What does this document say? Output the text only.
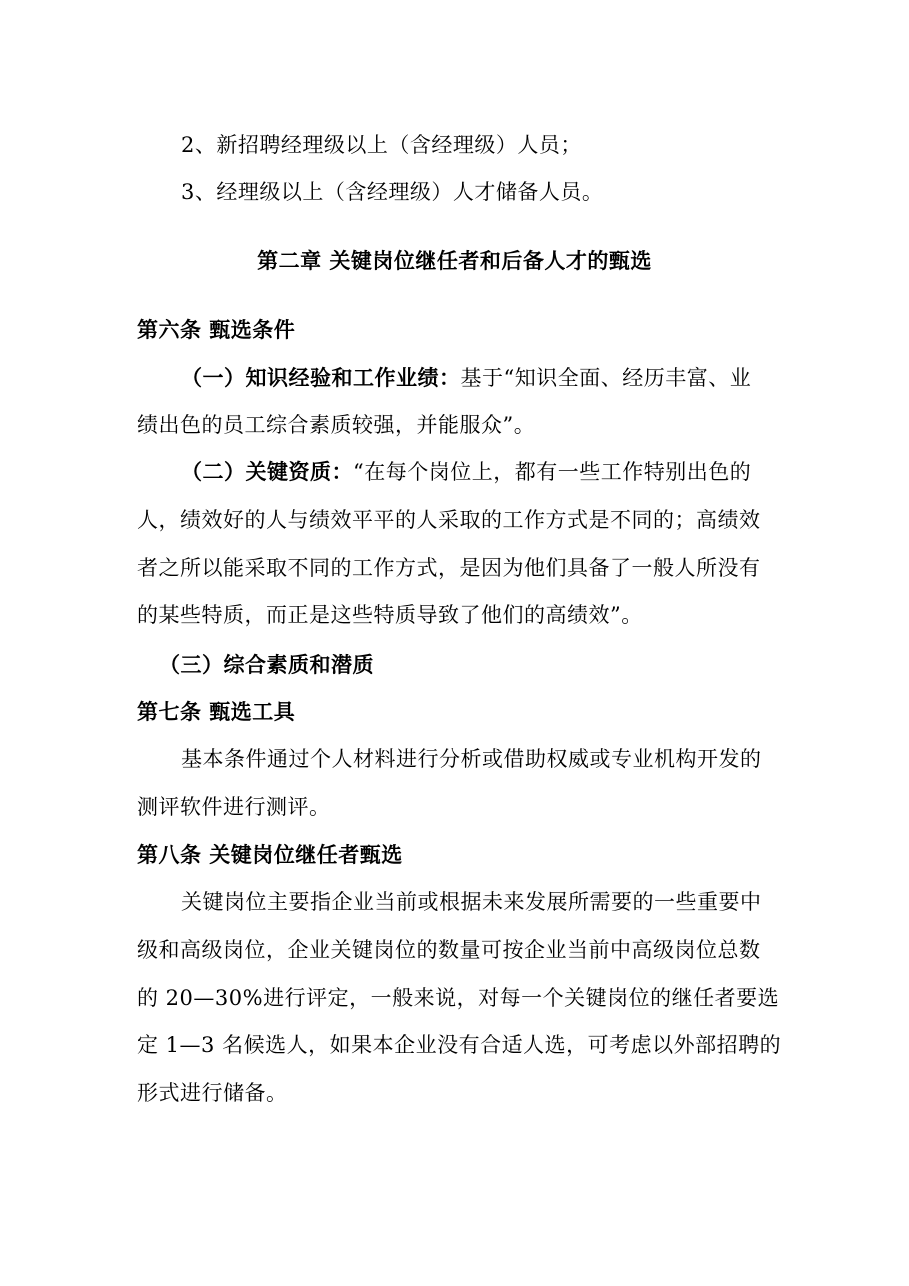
2、新招聘经理级以上（含经理级）人员；

3、经理级以上（含经理级）人才储备人员。

第二章 关键岗位继任者和后备人才的甄选

第六条 甄选条件

（一）知识经验和工作业绩：基于“知识全面、经历丰富、业

绩出色的员工综合素质较强，并能服众”。

（二）关键资质：“在每个岗位上，都有一些工作特别出色的

人，绩效好的人与绩效平平的人采取的工作方式是不同的；高绩效

者之所以能采取不同的工作方式，是因为他们具备了一般人所没有

的某些特质，而正是这些特质导致了他们的高绩效”。

（三）综合素质和潜质

第七条 甄选工具

基本条件通过个人材料进行分析或借助权威或专业机构开发的

测评软件进行测评。

第八条 关键岗位继任者甄选

关键岗位主要指企业当前或根据未来发展所需要的一些重要中

级和高级岗位，企业关键岗位的数量可按企业当前中高级岗位总数

的 20—30%进行评定，一般来说，对每一个关键岗位的继任者要选

定 1—3 名候选人，如果本企业没有合适人选，可考虑以外部招聘的

形式进行储备。
